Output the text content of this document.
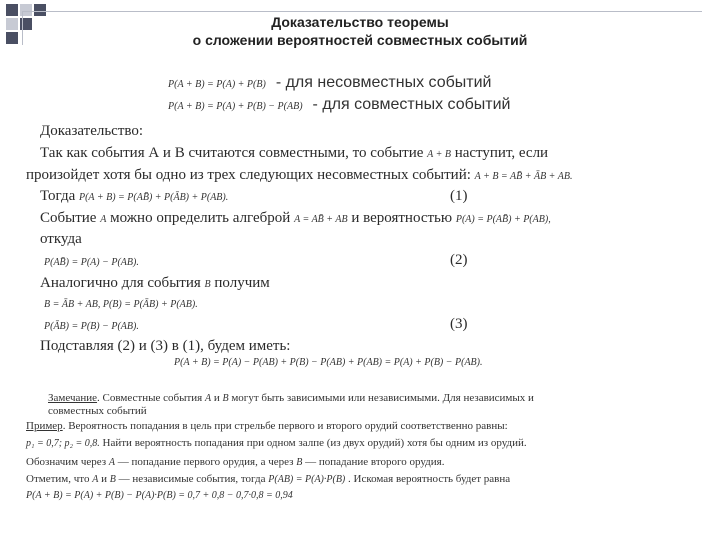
Доказательство теоремы
о сложении вероятностей совместных событий
P(A + B) = P(A) + P(B) - для несовместных событий
P(A + B) = P(A) + P(B) − P(AB) - для совместных событий
Доказательство:
Так как события А и В считаются совместными, то событие A + B наступит, если
произойдет хотя бы одно из трех следующих несовместных событий: A + B = AB̄ + ĀB + AB.
Тогда P(A + B) = P(AB̄) + P(ĀB) + P(AB).	(1)
Событие A можно определить алгеброй A = AB̄ + AB и вероятностью P(A) = P(AB̄) + P(AB),
откуда
P(AB̄) = P(A) − P(AB).	(2)
Аналогично для события B получим
B = ĀB + AB, P(B) = P(ĀB) + P(AB).
P(ĀB) = P(B) − P(AB).	(3)
Подставляя (2) и (3) в (1), будем иметь:
P(A + B) = P(A) − P(AB) + P(B) − P(AB) + P(AB) = P(A) + P(B) − P(AB).
Замечание. Совместные события A и B могут быть зависимыми или независимыми. Для независимых и
совместных событий
Пример. Вероятность попадания в цель при стрельбе первого и второго орудий соответственно равны:
p₁ = 0,7; p₂ = 0,8. Найти вероятность попадания при одном залпе (из двух орудий) хотя бы одним из орудий.
Обозначим через A — попадание первого орудия, а через B — попадание второго орудия.
Отметим, что A и B — независимые события, тогда P(AB) = P(A)·P(B) . Искомая вероятность будет равна
P(A + B) = P(A) + P(B) − P(A)·P(B) = 0,7 + 0,8 − 0,7·0,8 = 0,94
